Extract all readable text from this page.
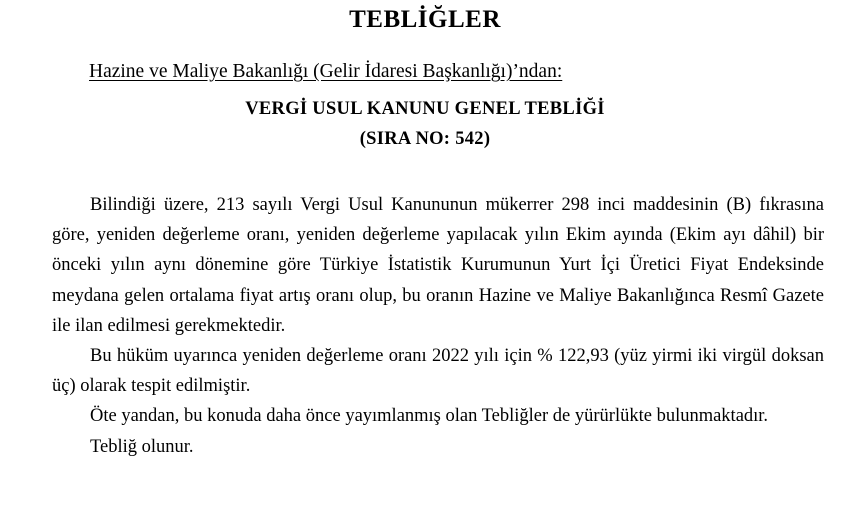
TEBLİĞLER
Hazine ve Maliye Bakanlığı (Gelir İdaresi Başkanlığı)’ndan:
VERGİ USUL KANUNU GENEL TEBLİĞİ
(SIRA NO: 542)

Bilindiği üzere, 213 sayılı Vergi Usul Kanununun mükerrer 298 inci maddesinin (B) fıkrasına göre, yeniden değerleme oranı, yeniden değerleme yapılacak yılın Ekim ayında (Ekim ayı dâhil) bir önceki yılın aynı dönemine göre Türkiye İstatistik Kurumunun Yurt İçi Üretici Fiyat Endeksinde meydana gelen ortalama fiyat artış oranı olup, bu oranın Hazine ve Maliye Bakanlığınca Resmî Gazete ile ilan edilmesi gerekmektedir.

Bu hüküm uyarınca yeniden değerleme oranı 2022 yılı için % 122,93 (yüz yirmi iki virgül doksan üç) olarak tespit edilmiştir.

Öte yandan, bu konuda daha önce yayımlanmış olan Tebliğler de yürürlükte bulunmaktadır.

Tebliğ olunur.
